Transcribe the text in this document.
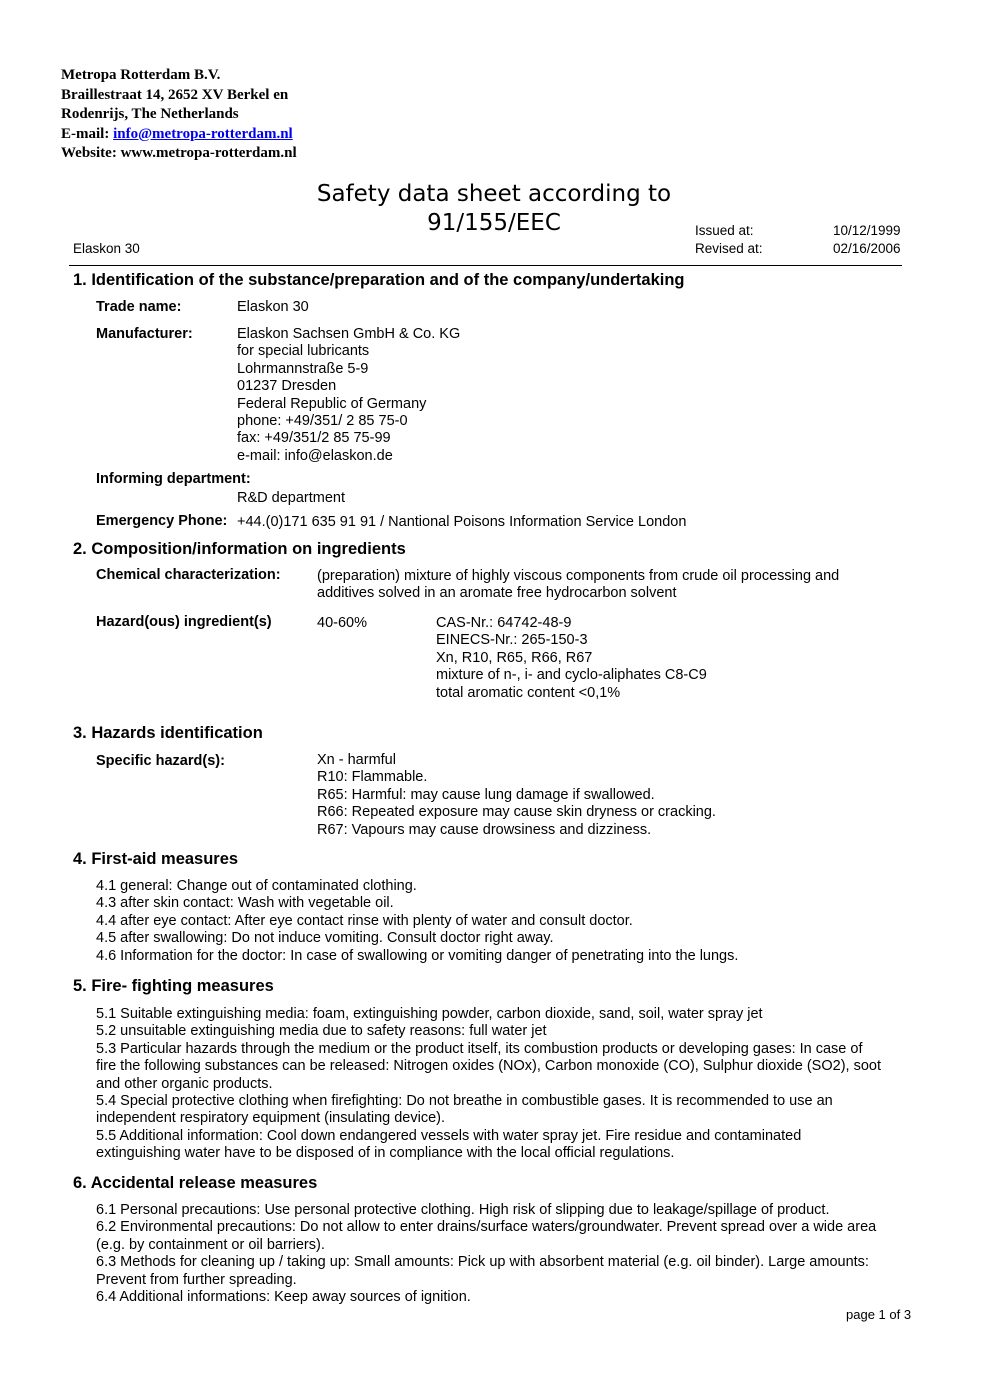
Metropa Rotterdam B.V.
Braillestraat 14, 2652 XV Berkel en
Rodenrijs, The Netherlands
E-mail: info@metropa-rotterdam.nl
Website: www.metropa-rotterdam.nl
Safety data sheet according to
91/155/EEC
Elaskon 30
Issued at:	10/12/1999
Revised at:	02/16/2006
1. Identification of the substance/preparation and of the company/undertaking
Trade name:	Elaskon 30
Manufacturer:	Elaskon Sachsen GmbH & Co. KG
for special lubricants
Lohrmannstraße 5-9
01237 Dresden
Federal Republic of Germany
phone: +49/351/ 2 85 75-0
fax: +49/351/2 85 75-99
e-mail: info@elaskon.de
Informing department:
R&D department
Emergency Phone: +44.(0)171 635 91 91 / Nantional Poisons Information Service London
2. Composition/information on ingredients
Chemical characterization:	(preparation) mixture of highly viscous components from crude oil processing and
additives solved in an aromate free hydrocarbon solvent
Hazard(ous) ingredient(s)	40-60%	CAS-Nr.: 64742-48-9
EINECS-Nr.: 265-150-3
Xn, R10, R65, R66, R67
mixture of n-, i- and cyclo-aliphates C8-C9
total aromatic content <0,1%
3. Hazards identification
Specific hazard(s):	Xn - harmful
R10: Flammable.
R65: Harmful: may cause lung damage if swallowed.
R66: Repeated exposure may cause skin dryness or cracking.
R67: Vapours may cause drowsiness and dizziness.
4. First-aid measures
4.1 general: Change out of contaminated clothing.
4.3 after skin contact: Wash with vegetable oil.
4.4 after eye contact: After eye contact rinse with plenty of water and consult doctor.
4.5 after swallowing: Do not induce vomiting. Consult doctor right away.
4.6 Information for the doctor: In case of swallowing or vomiting danger of penetrating into the lungs.
5. Fire- fighting measures
5.1 Suitable extinguishing media: foam, extinguishing powder, carbon dioxide, sand, soil, water spray jet
5.2 unsuitable extinguishing media due to safety reasons: full water jet
5.3 Particular hazards through the medium or the product itself, its combustion products or developing gases: In case of
fire the following substances can be released: Nitrogen oxides (NOx), Carbon monoxide (CO), Sulphur dioxide (SO2), soot
and other organic products.
5.4 Special protective clothing when firefighting: Do not breathe in combustible gases. It is recommended to use an
independent respiratory equipment (insulating device).
5.5 Additional information: Cool down endangered vessels with water spray jet. Fire residue and contaminated
extinguishing water have to be disposed of in compliance with the local official regulations.
6. Accidental release measures
6.1 Personal precautions: Use personal protective clothing. High risk of slipping due to leakage/spillage of product.
6.2 Environmental precautions: Do not allow to enter drains/surface waters/groundwater. Prevent spread over a wide area
(e.g. by containment or oil barriers).
6.3 Methods for cleaning up / taking up: Small amounts: Pick up with absorbent material (e.g. oil binder). Large amounts:
Prevent from further spreading.
6.4 Additional informations: Keep away sources of ignition.
page 1 of 3
